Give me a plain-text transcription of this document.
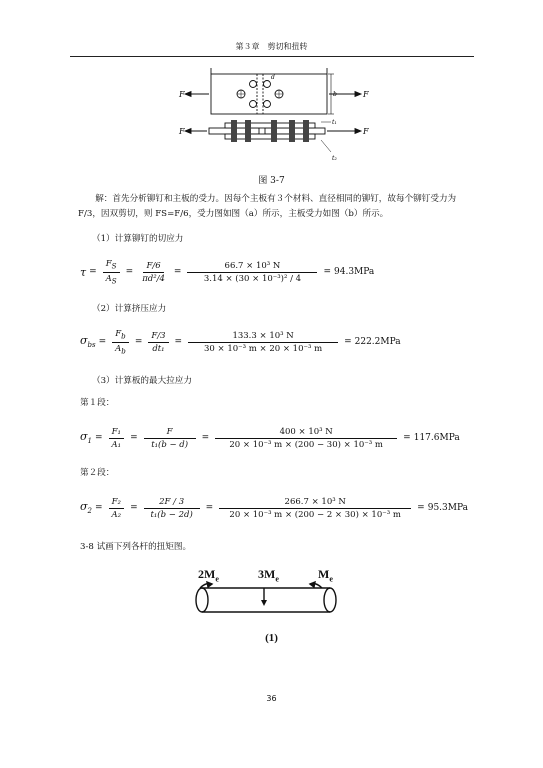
第３章　剪切和扭转
F	F
F	F
d
b
t₁
t₂
图 3-7
解：首先分析铆钉和主板的受力。因每个主板有３个材料、直径相同的铆钉，故每个铆钉受力为 F/3，因双剪切，则 FS=F/6，受力图如图（a）所示，主板受力如图（b）所示。
（1）计算铆钉的切应力
$\tau = \frac{F_S}{A_S} = \frac{F/6}{\text{πd²/4}} = \frac{\text{66.7 × 10³ N}}{\text{3.14 × (30 × 10⁻³)² / 4}} = 94.3MPa$
（2）计算挤压应力
$\sigma_{bs} = \frac{F_b}{A_b} = \frac{F/3}{\text{dt₁}} = \frac{\text{133.3 × 10³ N}}{\text{30 × 10⁻³ m × 20 × 10⁻³ m}} = 222.2MPa$
（3）计算板的最大拉应力
第１段：
$\sigma_1 = \frac{\text{F₁}}{\text{A₁}} = \frac{F}{\text{t₁(b − d)}} = \frac{\text{400 × 10³ N}}{\text{20 × 10⁻³ m × (200 − 30) × 10⁻³ m}} = 117.6MPa$
第２段：
$\sigma_2 = \frac{\text{F₂}}{\text{A₂}} = \frac{2F / 3}{\text{t₁(b − 2d)}} = \frac{\text{266.7 × 10³ N}}{\text{20 × 10⁻³ m × (200 − 2 × 30) × 10⁻³ m}} = 95.3MPa$
3-8 试画下列各杆的扭矩图。
$2M_e$	$3M_e$	$M_e$
(1)
36
